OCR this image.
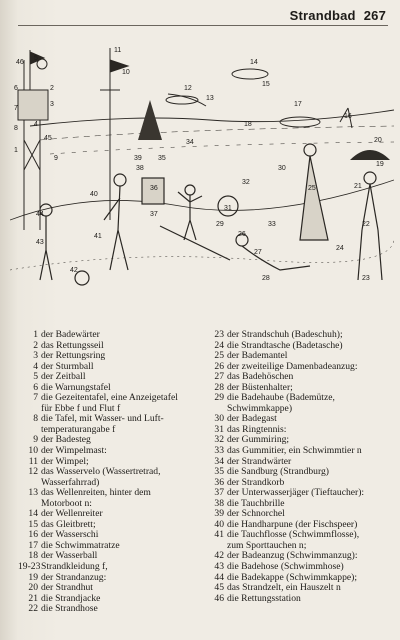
Strandbad 267
46
5
4
3
1
45
11
14
15
12
13
17
16
20
19
18
34
39
38
35
36
32
31
30
25	21
22
23
24
26
27
28
29	33
37
40
41
42
43
44
10
9
2
6
7
8
1 der Badewärter
2 das Rettungsseil
3 der Rettungsring
4 der Sturmball
5 der Zeitball
6 die Warnungstafel
7 die Gezeitentafel, eine Anzeigetafel
für Ebbe f und Flut f
8 die Tafel, mit Wasser- und Luft-
temperaturangabe f
9 der Badesteg
10 der Wimpelmast:
11 der Wimpel;
12 das Wasservelo (Wassertretrad,
Wasserfahrrad)
13 das Wellenreiten, hinter dem
Motorboot n:
14 der Wellenreiter
15 das Gleitbrett;
16 der Wasserschi
17 die Schwimmatratze
18 der Wasserball
19-23 Strandkleidung f,
19 der Strandanzug:
20 der Strandhut
21 die Strandjacke
22 die Strandhose
23 der Strandschuh (Badeschuh);
24 die Strandtasche (Badetasche)
25 der Bademantel
26 der zweiteilige Damenbadeanzug:
27 das Badehöschen
28 der Büstenhalter;
29 die Badehaube (Bademütze,
Schwimmkappe)
30 der Badegast
31 das Ringtennis:
32 der Gummiring;
33 das Gummitier, ein Schwimmtier n
34 der Strandwärter
35 die Sandburg (Strandburg)
36 der Strandkorb
37 der Unterwasserjäger (Tieftaucher):
38 die Tauchbrille
39 der Schnorchel
40 die Handharpune (der Fischspeer)
41 die Tauchflosse (Schwimmflosse),
zum Sporttauchen n;
42 der Badeanzug (Schwimmanzug):
43 die Badehose (Schwimmhose)
44 die Badekappe (Schwimmkappe);
45 das Strandzelt, ein Hauszelt n
46 die Rettungsstation
